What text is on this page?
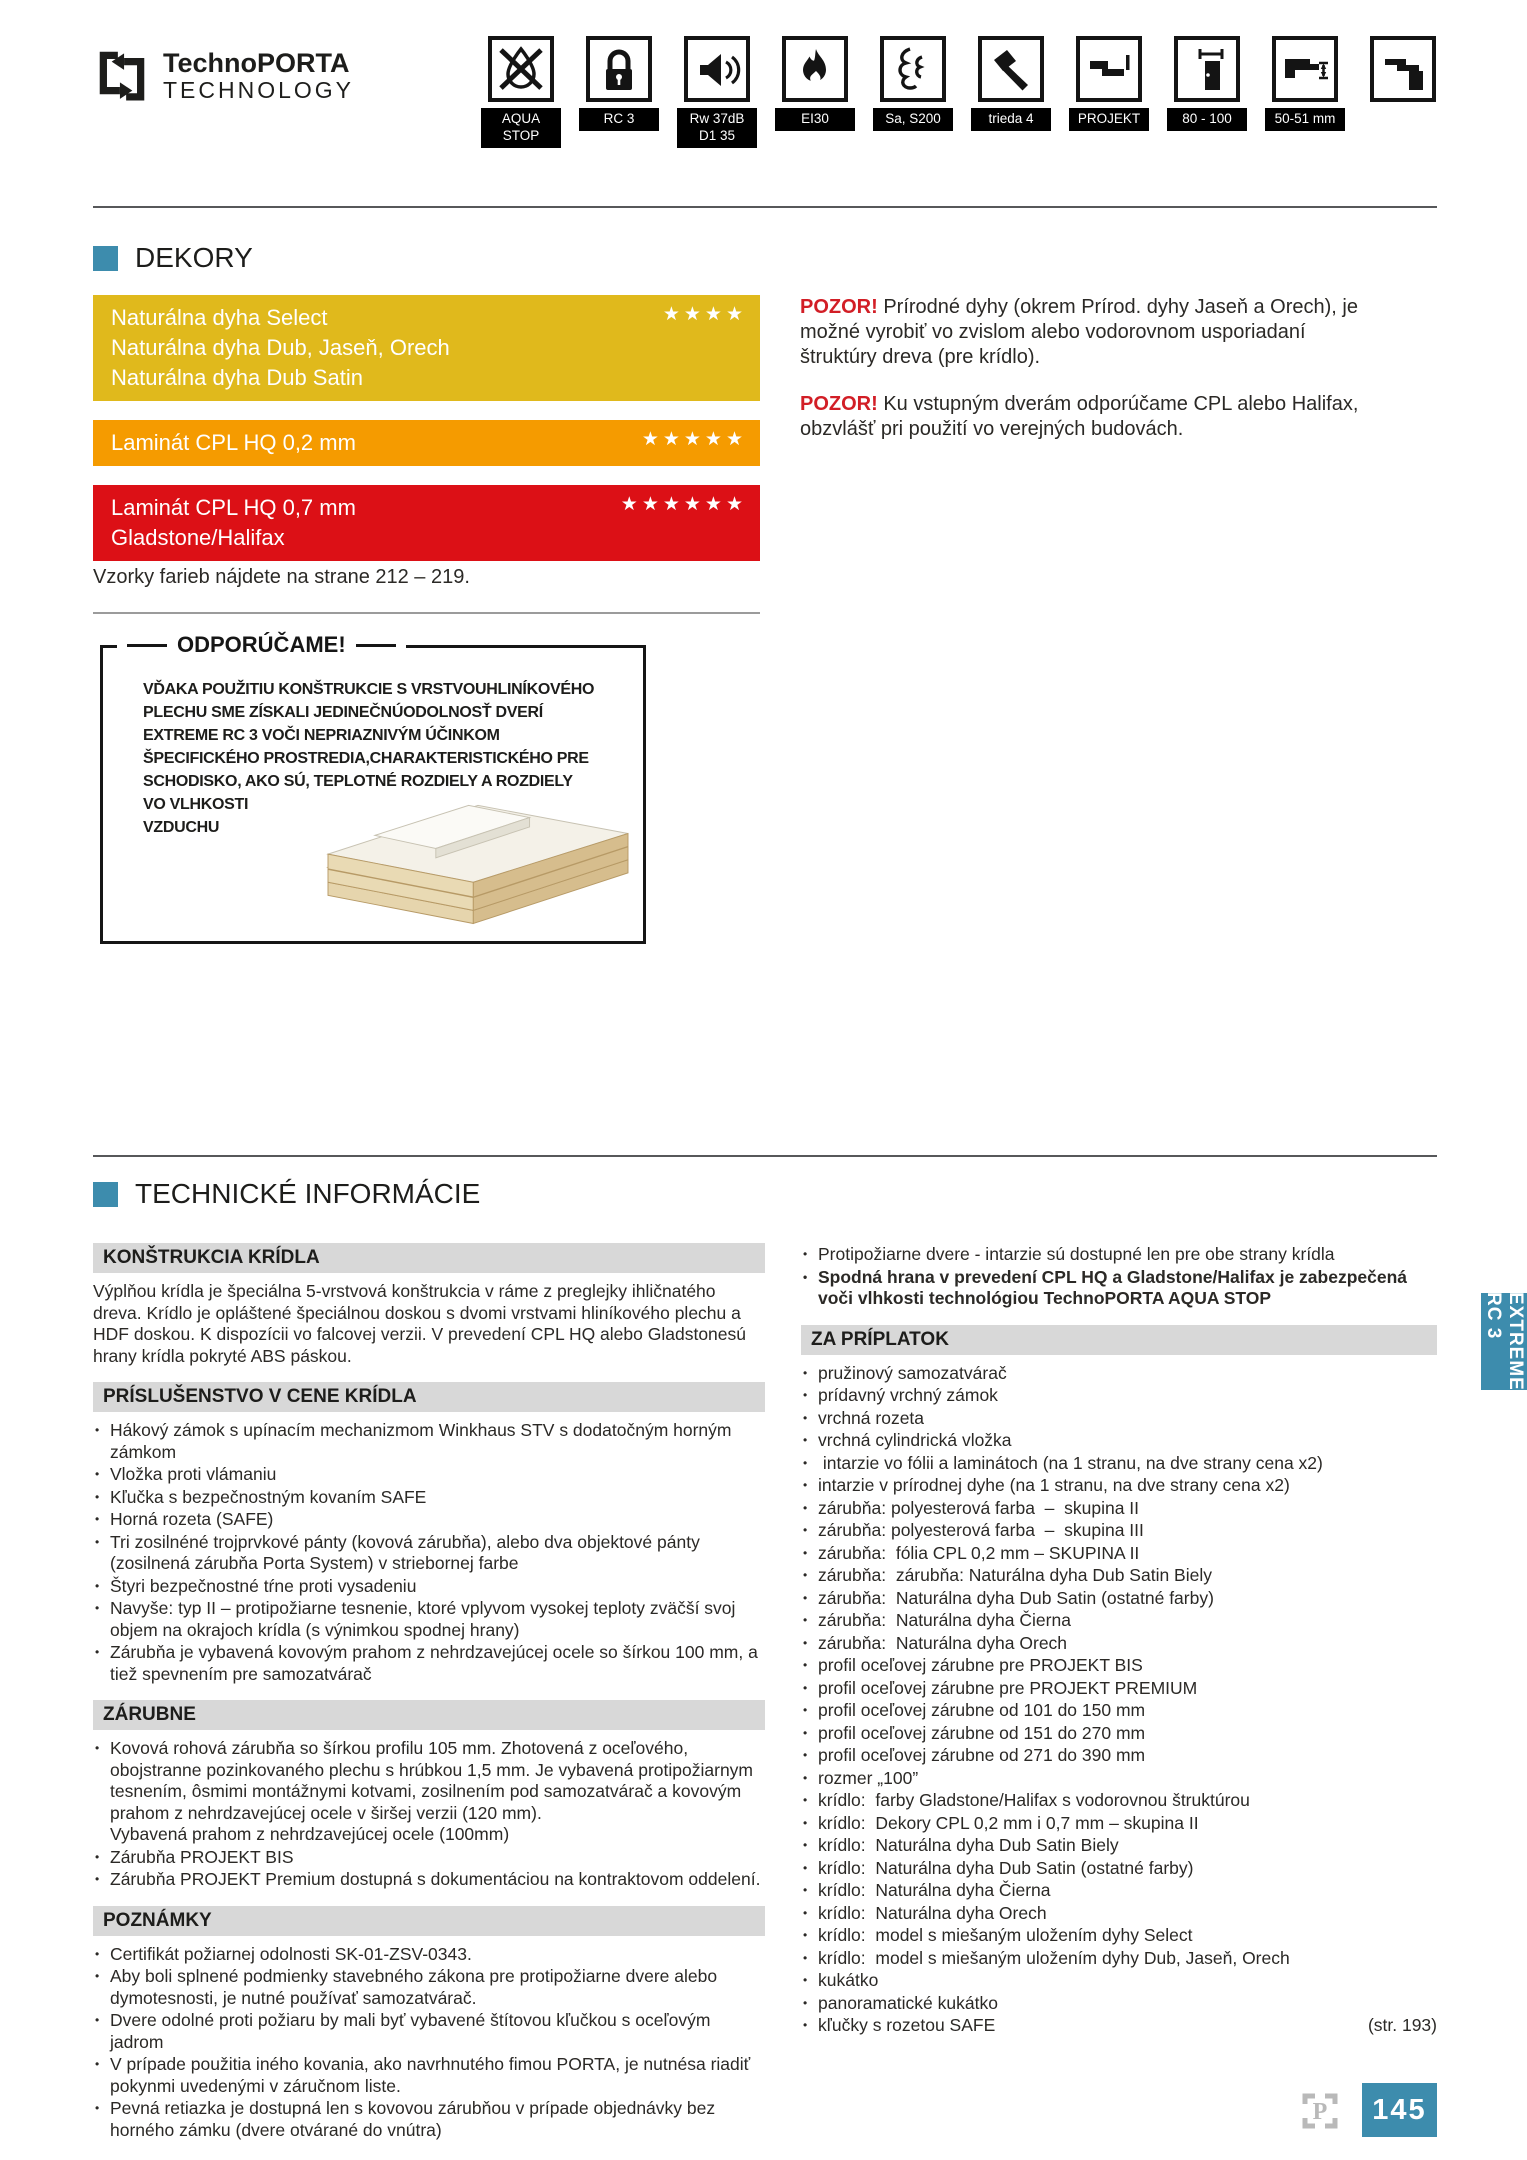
TechnoPORTA
TECHNOLOGY
AQUA STOP
RC 3	Rw 37dB
D1 35
EI30	Sa, S200	trieda 4	PROJEKT	80 - 100	50-51 mm
DEKORY
Naturálna dyha Select
Naturálna dyha Dub, Jaseň, Orech
Naturálna dyha Dub Satin
★★★★
Laminát CPL HQ 0,2 mm	★★★★★
Laminát CPL HQ 0,7 mm
Gladstone/Halifax
★★★★★★

POZOR! Prírodné dyhy (okrem Prírod. dyhy Jaseň a Orech), je možné vyrobiť vo zvislom alebo vodorovnom usporiadaní štruktúry dreva (pre krídlo).

POZOR! Ku vstupným dverám odporúčame CPL alebo Halifax, obzvlášť pri použití vo verejných budovách.

Vzorky farieb nájdete na strane 212 – 219.
ODPORÚČAME!
VĎAKA POUŽITIU KONŠTRUKCIE S VRSTVOUHLINÍKOVÉHO
PLECHU SME ZÍSKALI JEDINEČNÚODOLNOSŤ DVERÍ
EXTREME RC 3 VOČI NEPRIAZNIVÝM ÚČINKOM
ŠPECIFICKÉHO PROSTREDIA,CHARAKTERISTICKÉHO PRE
SCHODISKO, AKO SÚ, TEPLOTNÉ ROZDIELY A ROZDIELY
VO VLHKOSTI
VZDUCHU
TECHNICKÉ INFORMÁCIE
KONŠTRUKCIA KRÍDLA

Výplňou krídla je špeciálna 5-vrstvová konštrukcia v ráme z preglejky ihličnatého dreva. Krídlo je opláštené špeciálnou doskou s dvomi vrstvami hliníkového plechu a HDF doskou. K dispozícii vo falcovej verzii. V prevedení CPL HQ alebo Gladstonesú hrany krídla pokryté ABS páskou.

PRÍSLUŠENSTVO V CENE KRÍDLA
• Hákový zámok s upínacím mechanizmom Winkhaus STV s dodatočným horným zámkom
• Vložka proti vlámaniu
• Kľučka s bezpečnostným kovaním SAFE
• Horná rozeta (SAFE)
• Tri zosilnéné trojprvkové pánty (kovová zárubňa), alebo dva objektové pánty (zosilnená zárubňa Porta System) v striebornej farbe
• Štyri bezpečnostné tŕne proti vysadeniu
• Navyše: typ II – protipožiarne tesnenie, ktoré vplyvom vysokej teploty zväčší svoj objem na okrajoch krídla (s výnimkou spodnej hrany)
• Zárubňa je vybavená kovovým prahom z nehrdzavejúcej ocele so šírkou 100 mm, a tiež spevnením pre samozatvárač
ZÁRUBNE
• Kovová rohová zárubňa so šírkou profilu 105 mm. Zhotovená z oceľového, obojstranne pozinkovaného plechu s hrúbkou 1,5 mm. Je vybavená protipožiarnym tesnením, ôsmimi montážnymi kotvami, zosilnením pod samozatvárač a kovovým prahom z nehrdzavejúcej ocele v širšej verzii (120 mm).
Vybavená prahom z nehrdzavejúcej ocele (100mm)
• Zárubňa PROJEKT BIS
• Zárubňa PROJEKT Premium dostupná s dokumentáciou na kontraktovom oddelení.
POZNÁMKY
• Certifikát požiarnej odolnosti SK-01-ZSV-0343.
• Aby boli splnené podmienky stavebného zákona pre protipožiarne dvere alebo dymotesnosti, je nutné používať samozatvárač.
• Dvere odolné proti požiaru by mali byť vybavené štítovou kľučkou s oceľovým jadrom
• V prípade použitia iného kovania, ako navrhnutého fimou PORTA, je nutnésa riadiť pokynmi uvedenými v záručnom liste.
• Pevná retiazka je dostupná len s kovovou zárubňou v prípade objednávky bez horného zámku (dvere otvárané do vnútra)
• Protipožiarne dvere - intarzie sú dostupné len pre obe strany krídla
• Spodná hrana v prevedení CPL HQ a Gladstone/Halifax je zabezpečená voči vlhkosti technológiou TechnoPORTA AQUA STOP
ZA PRÍPLATOK
• pružinový samozatvárač
• prídavný vrchný zámok
• vrchná rozeta
• vrchná cylindrická vložka
•  intarzie vo fólii a laminátoch (na 1 stranu, na dve strany cena x2)
• intarzie v prírodnej dyhe (na 1 stranu, na dve strany cena x2)
• zárubňa: polyesterová farba  –  skupina II
• zárubňa: polyesterová farba  –  skupina III
• zárubňa:  fólia CPL 0,2 mm – SKUPINA II
• zárubňa:  zárubňa: Naturálna dyha Dub Satin Biely
• zárubňa:  Naturálna dyha Dub Satin (ostatné farby)
• zárubňa:  Naturálna dyha Čierna
• zárubňa:  Naturálna dyha Orech
• profil oceľovej zárubne pre PROJEKT BIS
• profil oceľovej zárubne pre PROJEKT PREMIUM
• profil oceľovej zárubne od 101 do 150 mm
• profil oceľovej zárubne od 151 do 270 mm
• profil oceľovej zárubne od 271 do 390 mm
• rozmer „100”
• krídlo:  farby Gladstone/Halifax s vodorovnou štruktúrou
• krídlo:  Dekory CPL 0,2 mm i 0,7 mm – skupina II
• krídlo:  Naturálna dyha Dub Satin Biely
• krídlo:  Naturálna dyha Dub Satin (ostatné farby)
• krídlo:  Naturálna dyha Čierna
• krídlo:  Naturálna dyha Orech
• krídlo:  model s miešaným uložením dyhy Select
• krídlo:  model s miešaným uložením dyhy Dub, Jaseň, Orech
• kukátko
• panoramatické kukátko
• (str. 193)
kľučky s rozetou SAFE
EXTREME RC 3
P	145
